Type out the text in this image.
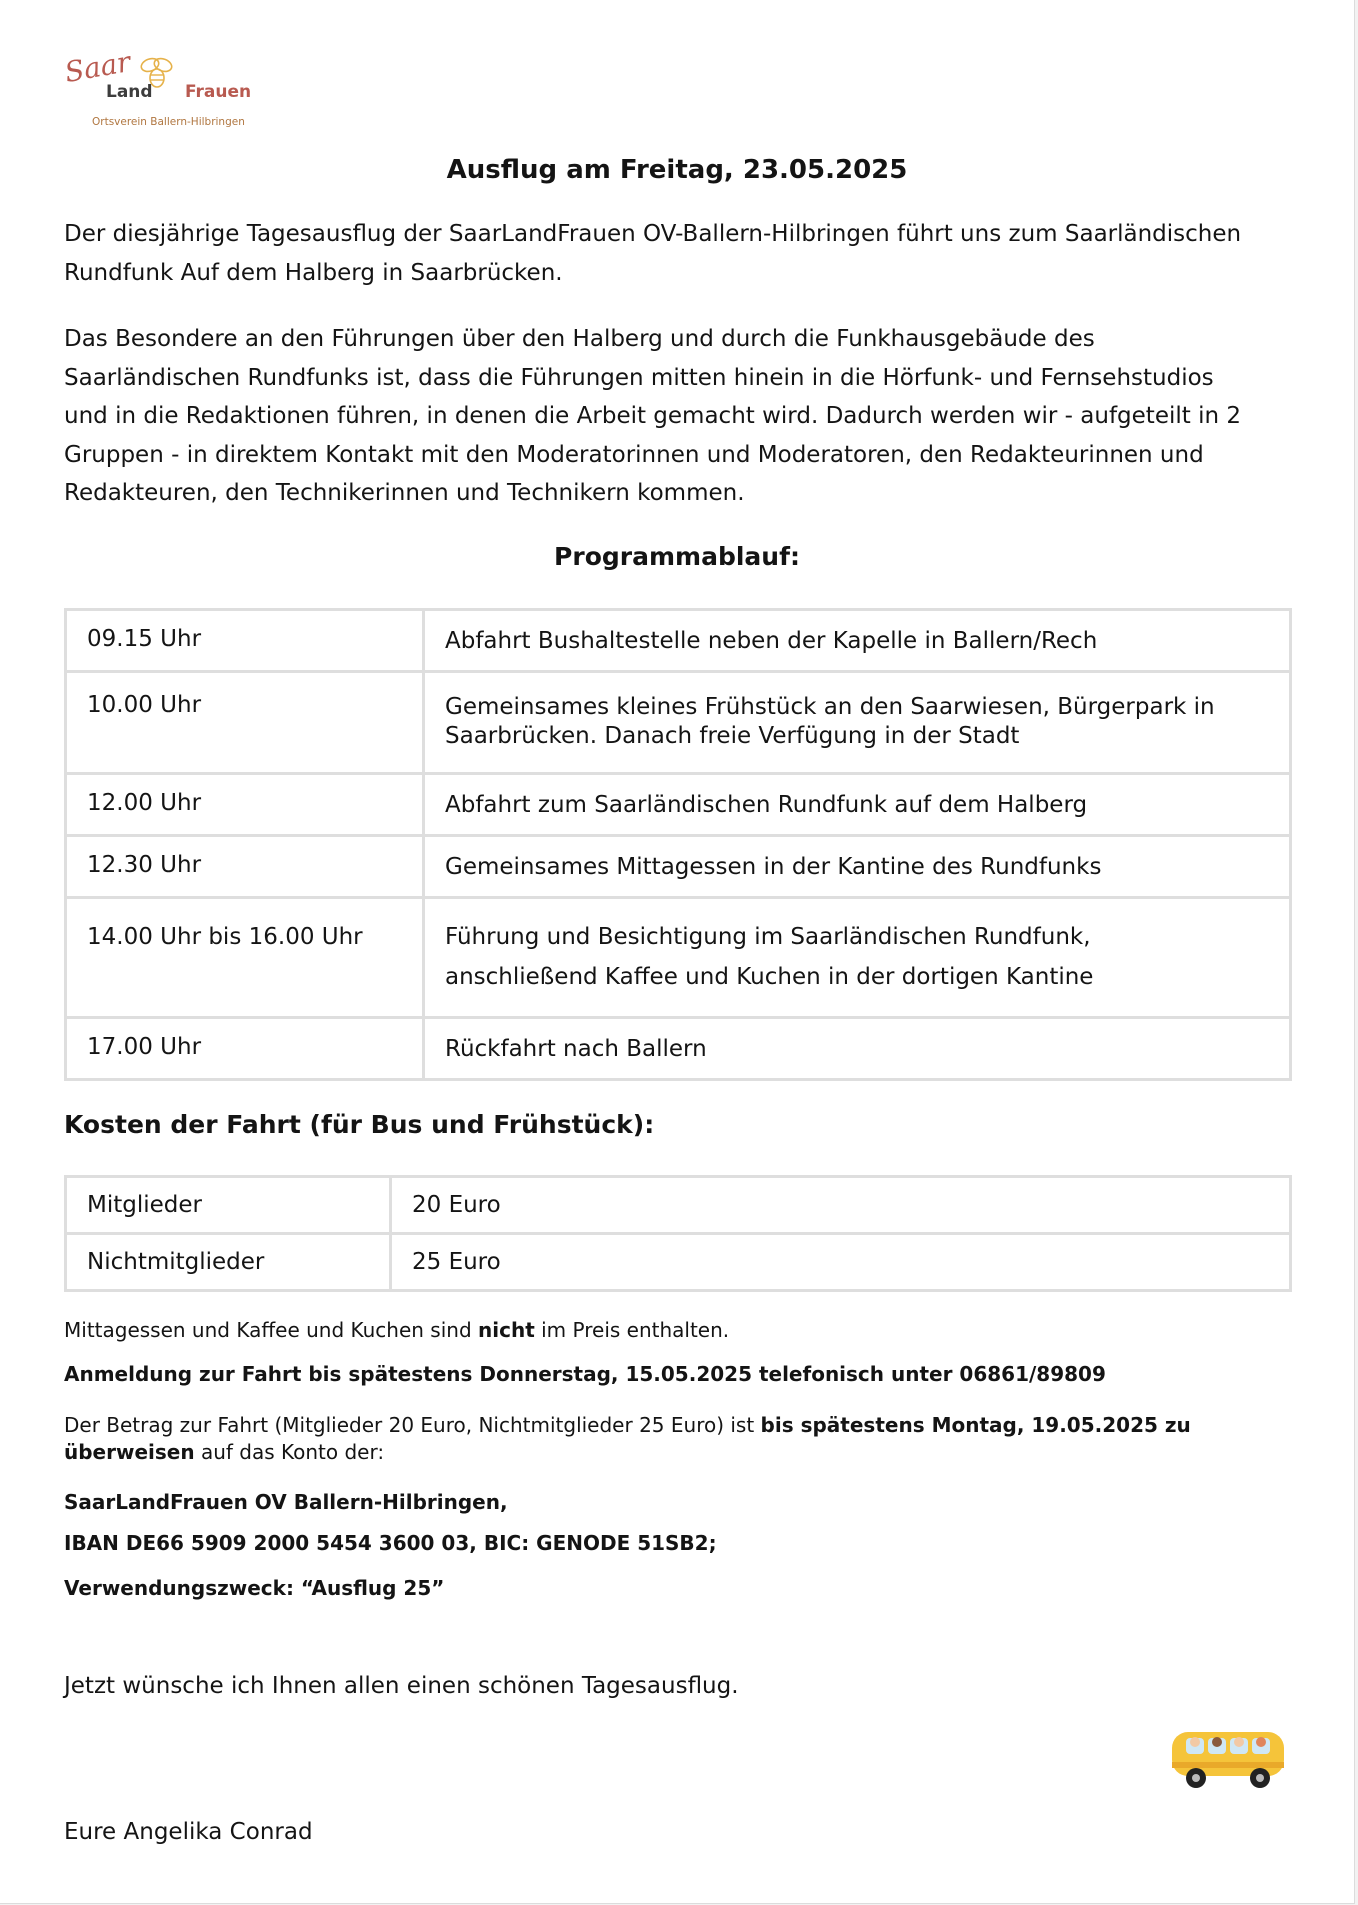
Saar
Land Frauen
Ortsverein Ballern-Hilbringen
Ausflug am Freitag, 23.05.2025
Der diesjährige Tagesausflug der SaarLandFrauen OV-Ballern-Hilbringen führt uns zum Saarländischen
Rundfunk Auf dem Halberg in Saarbrücken.
Das Besondere an den Führungen über den Halberg und durch die Funkhausgebäude des
Saarländischen Rundfunks ist, dass die Führungen mitten hinein in die Hörfunk- und Fernsehstudios
und in die Redaktionen führen, in denen die Arbeit gemacht wird. Dadurch werden wir - aufgeteilt in 2
Gruppen - in direktem Kontakt mit den Moderatorinnen und Moderatoren, den Redakteurinnen und
Redakteuren, den Technikerinnen und Technikern kommen.
Programmablauf:
09.15 Uhr	Abfahrt Bushaltestelle neben der Kapelle in Ballern/Rech

10.00 Uhr	Gemeinsames kleines Frühstück an den Saarwiesen, Bürgerpark in
Saarbrücken. Danach freie Verfügung in der Stadt

12.00 Uhr	Abfahrt zum Saarländischen Rundfunk auf dem Halberg

12.30 Uhr	Gemeinsames Mittagessen in der Kantine des Rundfunks

14.00 Uhr bis 16.00 Uhr	Führung und Besichtigung im Saarländischen Rundfunk,
anschließend Kaffee und Kuchen in der dortigen Kantine

17.00 Uhr	Rückfahrt nach Ballern
Kosten der Fahrt (für Bus und Frühstück):
Mitglieder	20 Euro
Nichtmitglieder	25 Euro
Mittagessen und Kaffee und Kuchen sind nicht im Preis enthalten.
Anmeldung zur Fahrt bis spätestens Donnerstag, 15.05.2025 telefonisch unter 06861/89809
Der Betrag zur Fahrt (Mitglieder 20 Euro, Nichtmitglieder 25 Euro) ist bis spätestens Montag, 19.05.2025 zu
überweisen auf das Konto der:
SaarLandFrauen OV Ballern-Hilbringen,
IBAN DE66 5909 2000 5454 3600 03, BIC: GENODE 51SB2;
Verwendungszweck: “Ausflug 25”
Jetzt wünsche ich Ihnen allen einen schönen Tagesausflug.
Eure Angelika Conrad
